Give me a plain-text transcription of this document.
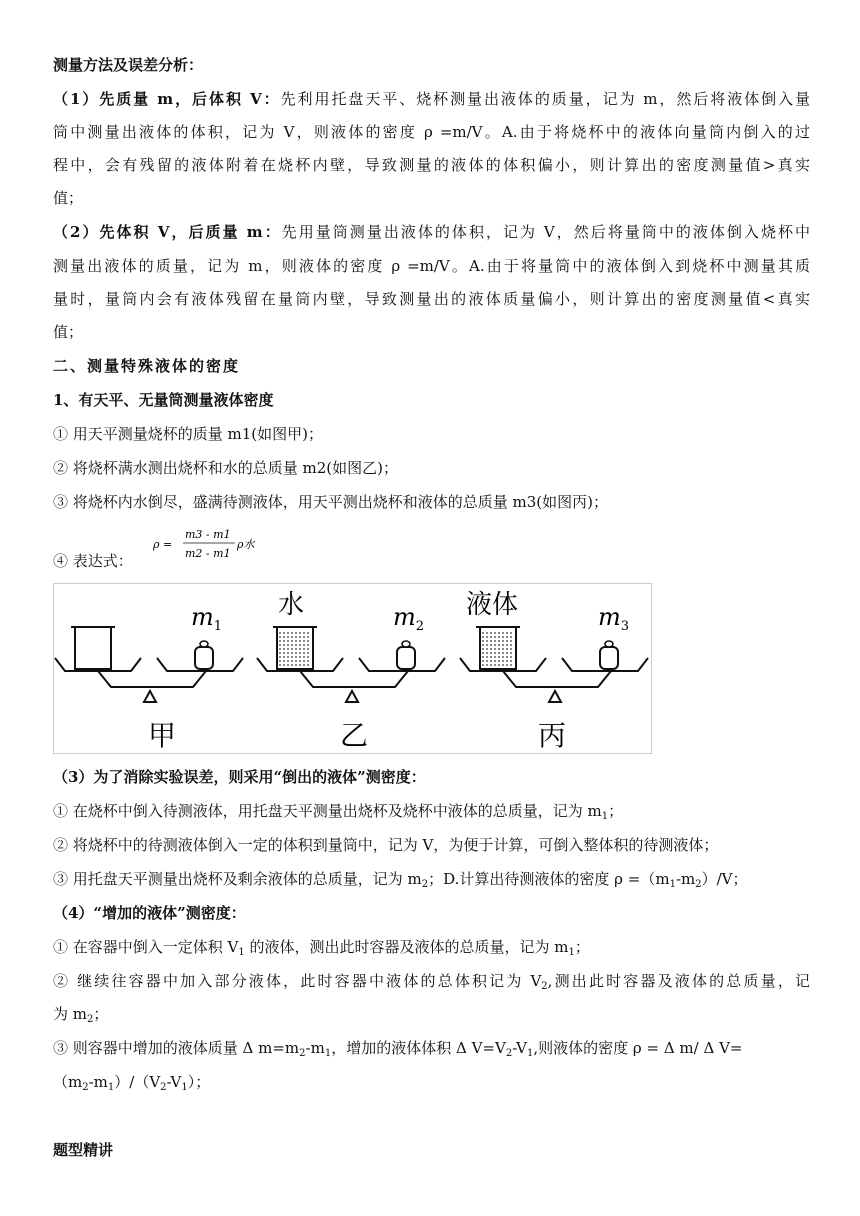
测量方法及误差分析：
（1）先质量 m，后体积 V：先利用托盘天平、烧杯测量出液体的质量，记为 m，然后将液体倒入量
筒中测量出液体的体积，记为 V，则液体的密度 ρ =m/V。A.由于将烧杯中的液体向量筒内倒入的过
程中，会有残留的液体附着在烧杯内壁，导致测量的液体的体积偏小，则计算出的密度测量值>真实
值；
（2）先体积 V，后质量 m：先用量筒测量出液体的体积，记为 V，然后将量筒中的液体倒入烧杯中
测量出液体的质量，记为 m，则液体的密度 ρ =m/V。A.由于将量筒中的液体倒入到烧杯中测量其质
量时，量筒内会有液体残留在量筒内壁，导致测量出的液体质量偏小，则计算出的密度测量值<真实
值；
二、测量特殊液体的密度
1、有天平、无量筒测量液体密度
① 用天平测量烧杯的质量 m1(如图甲)；
② 将烧杯满水测出烧杯和水的总质量 m2(如图乙)；
③ 将烧杯内水倒尽，盛满待测液体，用天平测出烧杯和液体的总质量 m3(如图丙)；
④ 表达式：
ρ =
m3 - m1
m2 - m1
ρ水
甲	乙	丙
水	液体
$m_1$	$m_2$	$m_3$
（3）为了消除实验误差，则采用“倒出的液体”测密度：
① 在烧杯中倒入待测液体，用托盘天平测量出烧杯及烧杯中液体的总质量，记为 $m_1$；
② 将烧杯中的待测液体倒入一定的体积到量筒中，记为 V，为便于计算，可倒入整体积的待测液体；
③ 用托盘天平测量出烧杯及剩余液体的总质量，记为 $m_2$；D.计算出待测液体的密度 $\rho =(m_1-m_2)/V$；
（4）“增加的液体”测密度：
① 在容器中倒入一定体积 $V_1$ 的液体，测出此时容器及液体的总质量，记为 $m_1$；
② 继续往容器中加入部分液体，此时容器中液体的总体积记为 $V_2$,测出此时容器及液体的总质量，记
为 $m_2$；
③ 则容器中增加的液体质量 Δ $m=m_2-m_1$，增加的液体体积 Δ $V=V_2-V_1$,则液体的密度 ρ = Δ m/ Δ V=
$(m_2-m_1)/(V_2-V_1)$；
题型精讲
